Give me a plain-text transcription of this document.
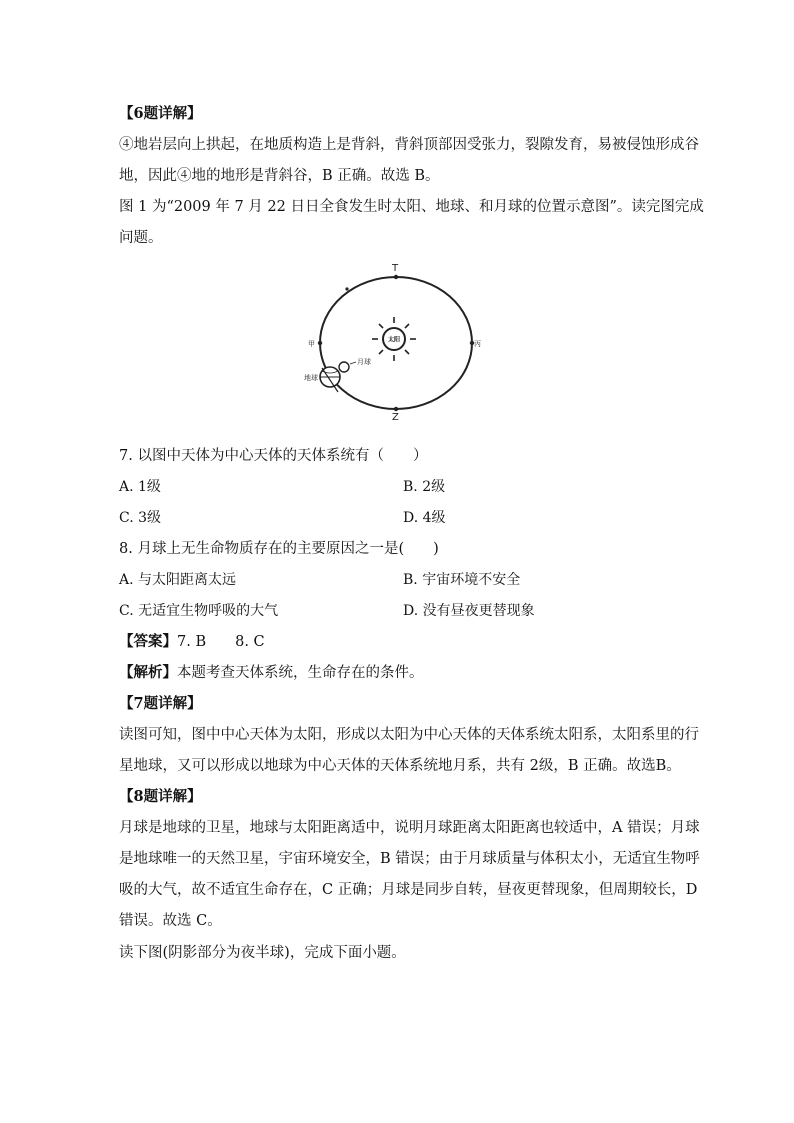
【6题详解】
④地岩层向上拱起，在地质构造上是背斜，背斜顶部因受张力，裂隙发育，易被侵蚀形成谷
地，因此④地的地形是背斜谷，B 正确。故选 B。
图 1 为“2009 年 7 月 22 日日全食发生时太阳、地球、和月球的位置示意图”。读完图完成
问题。
太阳
T
Z
丙
甲
地球
月球
7. 以图中天体为中心天体的天体系统有（　　）
A. 1级	B. 2级
C. 3级	D. 4级
8. 月球上无生命物质存在的主要原因之一是(　　)
A. 与太阳距离太远	B. 宇宙环境不安全
C. 无适宜生物呼吸的大气	D. 没有昼夜更替现象
【答案】7. B　　8. C
【解析】本题考查天体系统，生命存在的条件。
【7题详解】
读图可知，图中中心天体为太阳，形成以太阳为中心天体的天体系统太阳系，太阳系里的行
星地球，又可以形成以地球为中心天体的天体系统地月系，共有 2级，B 正确。故选B。
【8题详解】
月球是地球的卫星，地球与太阳距离适中，说明月球距离太阳距离也较适中，A 错误；月球
是地球唯一的天然卫星，宇宙环境安全，B 错误；由于月球质量与体积太小，无适宜生物呼
吸的大气，故不适宜生命存在，C 正确；月球是同步自转，昼夜更替现象，但周期较长，D
错误。故选 C。
读下图(阴影部分为夜半球)，完成下面小题。
